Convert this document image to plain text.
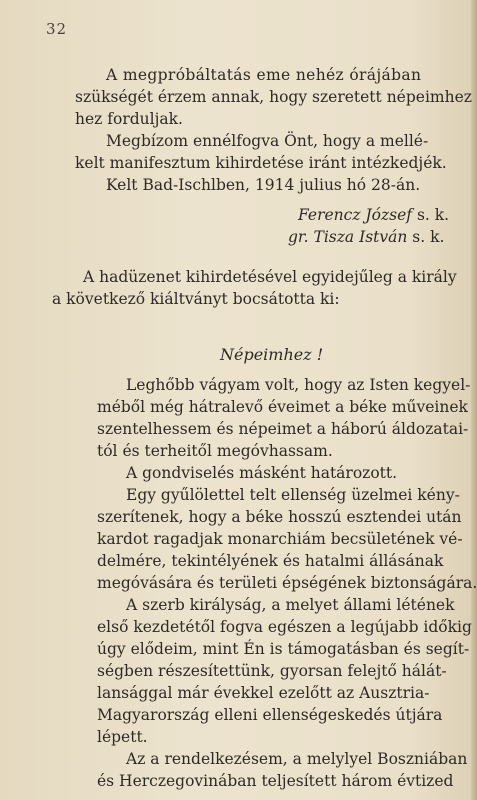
32
A megpróbáltatás eme nehéz órájában
szükségét érzem annak, hogy szeretett népeimhez
hez forduljak.
Megbízom ennélfogva Önt, hogy a mellé-
kelt manifesztum kihirdetése iránt intézkedjék.
Kelt Bad-Ischlben, 1914 julius hó 28-án.
Ferencz József s. k.
gr. Tisza István s. k.
A hadüzenet kihirdetésével egyidejűleg a király
a következő kiáltványt bocsátotta ki:
Népeimhez !
Leghőbb vágyam volt, hogy az Isten kegyel-
méből még hátralevő éveimet a béke műveinek
szentelhessem és népeimet a háború áldozatai-
tól és terheitől megóvhassam.
A gondviselés másként határozott.
Egy gyűlölettel telt ellenség üzelmei kény-
szerítenek, hogy a béke hosszú esztendei után
kardot ragadjak monarchiám becsületének vé-
delmére, tekintélyének és hatalmi állásának
megóvására és területi épségének biztonságára.
A szerb királyság, a melyet állami létének
első kezdetétől fogva egészen a legújabb időkig
úgy elődeim, mint Én is támogatásban és segít-
ségben részesítettünk, gyorsan felejtő hálát-
lansággal már évekkel ezelőtt az Ausztria-
Magyarország elleni ellenségeskedés útjára
lépett.
Az a rendelkezésem, a melylyel Boszniában
és Herczegovinában teljesített három évtized
